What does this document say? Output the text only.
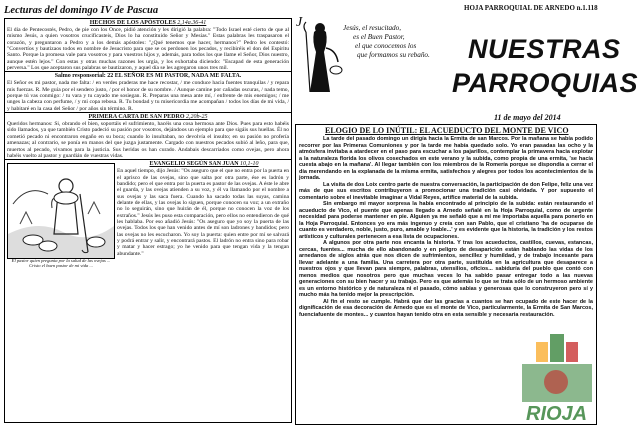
Lecturas del domingo IV de Pascua
HECHOS DE LOS APÓSTOLES 2,14a.36-41
El día de Pentecostés, Pedro, de pie con los Once, pidió atención y les dirigió la palabra: "Todo Israel esté cierto de que al mismo Jesús, a quien vosotros crucificasteis, Dios lo ha constituido Señor y Mesías." Estas palabras les traspasaron el corazón, y preguntaron a Pedro y a los demás apóstoles: "¿Qué tenemos que hacer, hermanos?" Pedro les contestó: "Convertíos y bautizaos todos en nombre de Jesucristo para que se os perdonen los pecados, y recibiréis el don del Espíritu Santo. Porque la promesa vale para vosotros y para vuestros hijos y, además, para todos los que llame el Señor, Dios nuestro, aunque estén lejos." Con estas y otras muchas razones les urgía, y los exhortaba diciendo: "Escapad de esta generación perversa." Los que aceptaron sus palabras se bautizaron, y aquel día se les agregaron unos tres mil.
Salmo responsorial: 22 EL SEÑOR ES MI PASTOR, NADA ME FALTA.
El Señor es mi pastor, nada me falta: / en verdes praderas me hace recostar, / me conduce hacia fuentes tranquilas / y repara mis fuerzas. R. Me guía por el sendero justo, / por el honor de su nombre. / Aunque camine por cañadas oscuras, / nada temo, porque tú vas conmigo: / tu vara y tu cayado me sosiegan. R. Preparas una mesa ante mí, / enfrente de mis enemigos; / me unges la cabeza con perfume, / y mi copa rebosa. R. Tu bondad y tu misericordia me acompañan / todos los días de mi vida, / y habitaré en la casa del Señor / por años sin término. R.
PRIMERA CARTA DE SAN PEDRO 2,20b-25
Queridos hermanos: Si, obrando el bien, soportáis el sufrimiento, hacéis una cosa hermosa ante Dios. Pues para esto habéis sido llamados, ya que también Cristo padeció su pasión por vosotros, dejándoos un ejemplo para que sigáis sus huellas. Él no cometió pecado ni encontraron engaño en su boca; cuando lo insultaban, no devolvía el insulto; en su pasión no profería amenazas; al contrario, se ponía en manos del que juzga justamente. Cargado con nuestros pecados subió al leño, para que, muertos al pecado, vivamos para la justicia. Sus heridas os han curado. Andabais descarriados como ovejas, pero ahora habéis vuelto al pastor y guardián de vuestras vidas.
El pastor quien pregunta por la salud de las ovejas ... Cristo el buen pastor de mi vida ...
EVANGELIO SEGÚN SAN JUAN 10,1-10
En aquel tiempo, dijo Jesús: "Os aseguro que el que no entra por la puerta en el aprisco de las ovejas, sino que salta por otra parte, ése es ladrón y bandido; pero el que entra por la puerta es pastor de las ovejas. A éste le abre el guarda, y las ovejas atienden a su voz, y él va llamando por el nombre a sus ovejas y las saca fuera. Cuando ha sacado todas las suyas, camina delante de ellas, y las ovejas lo siguen, porque conocen su voz; a un extraño no lo seguirán, sino que huirán de él, porque no conocen la voz de los extraños." Jesús les puso esta comparación, pero ellos no entendieron de qué les hablaba. Por eso añadió Jesús: "Os aseguro que yo soy la puerta de las ovejas. Todos los que han venido antes de mí son ladrones y bandidos; pero las ovejas no les escucharon. Yo soy la puerta: quien entre por mí se salvará y podrá entrar y salir, y encontrará pastos. El ladrón no entra sino para robar y matar y hacer estrago; yo he venido para que tengan vida y la tengan abundante."
HOJA PARROQUIAL DE ARNEDO n.1.118
J	Jesús, el resucitado,
es el Buen Pastor,
el que conocemos los
que formamos su rebaño. NUESTRAS
PARROQUIAS
11 de mayo del 2014
ELOGIO DE LO INÚTIL: EL ACUEDUCTO DEL MONTE DE VICO

La tarde del pasado domingo un dirigía hacia la Ermita de san Marcos. Por la mañana se había podido recorrer por las Primeras Comuniones y por la tarde me había quedado solo. Yo eran pasadas las ocho y la atmósfera invitaba a atardecer en el paso para escuchar a los pajarillos, contemplar la primavera hacia explotar a la naturaleza florida los olivos cosechados en este verano y la subida, como propia de una ermita, 'se hacía cuesta abajo en la mañana'. Al llegar también con los miembros de la Romería porque se dispondía a cerrar el día merendando en la explanada de la misma ermita, satisfechos y alegres por todos los acontecimientos de la jornada.

La visita de dos Loix centro parte de nuestra conversación, la participación de don Felipe, feliz una vez más de que sus escritos contribuyeron a promocionar una tradición casi olvidada. Y por supuesto el comentario sobre el inevitable imaginar a Vidal Reyes, artífice material de la subida.

Sin embargo mi mayor sorpresa la había encontrado al principio de la subida: están restaurando el acueducto de Vico, el puente que apenas llegado a Arnedo señalé en la Hoja Parroquial, como de urgente necesidad para poderse mantener en pie. Alguien ya me señaló que a mí me importaba aquella para ponerlo en la Hoja Parroquial. Entonces yo era más ingenuo y creía con san Pablo, que el cristiano 'ha de ocuparse de cuanto es verdadero, noble, justo, puro, amable y loable...' y es evidente que la historia, la tradición y los restos artísticos y culturales pertenecen a esa lista de ocupaciones.

A algunos por otra parte nos encanta la historia. Y tras los acueductos, castillos, cuevas, estancas, cercas, fuentes... mucha de ello abandonado y en peligro de desaparición están hablando las vidas de los arnedanos de siglos atrás que nos dicen de sufrimientos, sencillez y humildad, y de trabajo incesante para llevar adelante a una familia. Una carretera por otra parte, sustituida en la agricultura que desaparece a nuestros ojos y que llevan para siempre, palabras, utensilios, oficios... sabiduría del pueblo que contó con menos medios que nosotros pero que muchas veces lo ha sabido pasar entregar todo a las nuevas generaciones con su bien hacer y su trabajo. Pero es que además lo que se trata sólo de un hermoso ambiente es un entorno histórico y de naturaleza ni el pasado, cómo sabias y generosas que lo construyeron pero sí y mucho más ha tenido mejor la prescripción.

Al fin el resto se cumple. Habrá que dar las gracias a cuantos se han ocupado de este hacer de la dignificación de esa decoración de Arnedo que es el monte de Vico, particularmente, la Ermita de San Marcos, fuenciafuente de montes... y cuantos hayan tenido otra en esta sensible y necesaria restauración.

RIOJA
